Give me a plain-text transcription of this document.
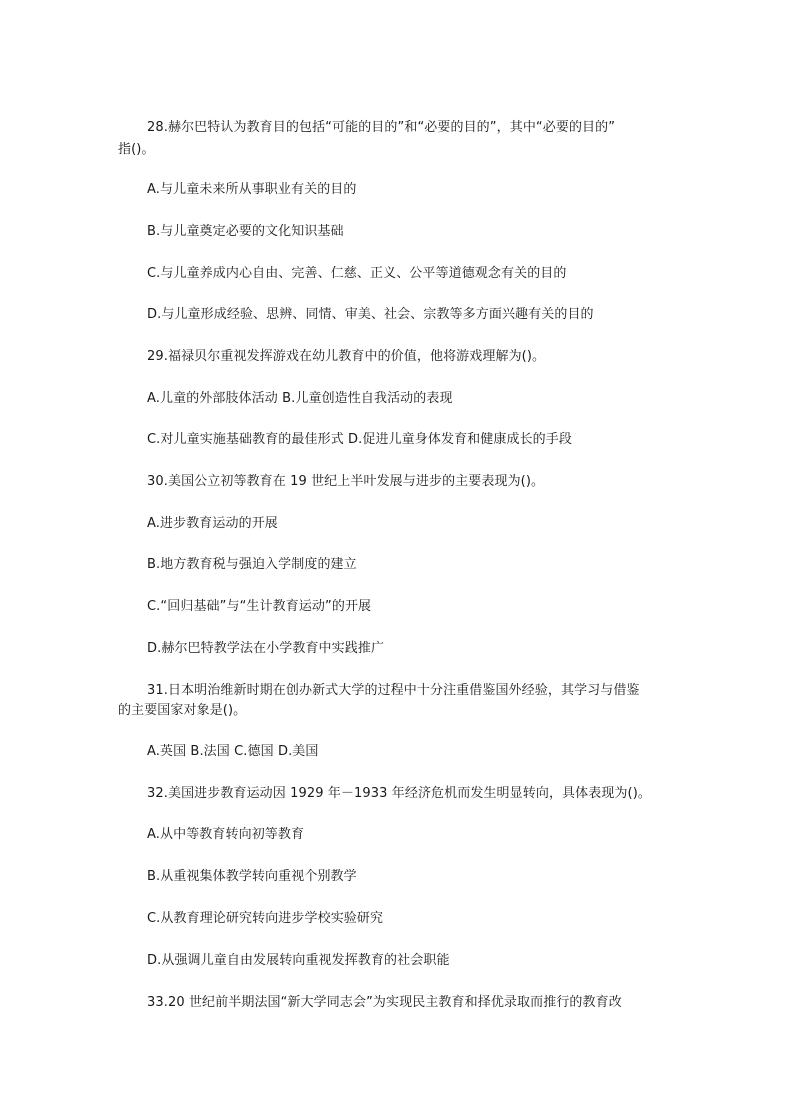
28.赫尔巴特认为教育目的包括“可能的目的”和“必要的目的”，其中“必要的目的”
指()。
A.与儿童未来所从事职业有关的目的
B.与儿童奠定必要的文化知识基础
C.与儿童养成内心自由、完善、仁慈、正义、公平等道德观念有关的目的
D.与儿童形成经验、思辨、同情、审美、社会、宗教等多方面兴趣有关的目的
29.福禄贝尔重视发挥游戏在幼儿教育中的价值，他将游戏理解为()。
A.儿童的外部肢体活动 B.儿童创造性自我活动的表现
C.对儿童实施基础教育的最佳形式 D.促进儿童身体发育和健康成长的手段
30.美国公立初等教育在 19 世纪上半叶发展与进步的主要表现为()。
A.进步教育运动的开展
B.地方教育税与强迫入学制度的建立
C.“回归基础”与“生计教育运动”的开展
D.赫尔巴特教学法在小学教育中实践推广
31.日本明治维新时期在创办新式大学的过程中十分注重借鉴国外经验，其学习与借鉴
的主要国家对象是()。
A.英国 B.法国 C.德国 D.美国
32.美国进步教育运动因 1929 年－1933 年经济危机而发生明显转向，具体表现为()。
A.从中等教育转向初等教育
B.从重视集体教学转向重视个别教学
C.从教育理论研究转向进步学校实验研究
D.从强调儿童自由发展转向重视发挥教育的社会职能
33.20 世纪前半期法国“新大学同志会”为实现民主教育和择优录取而推行的教育改
